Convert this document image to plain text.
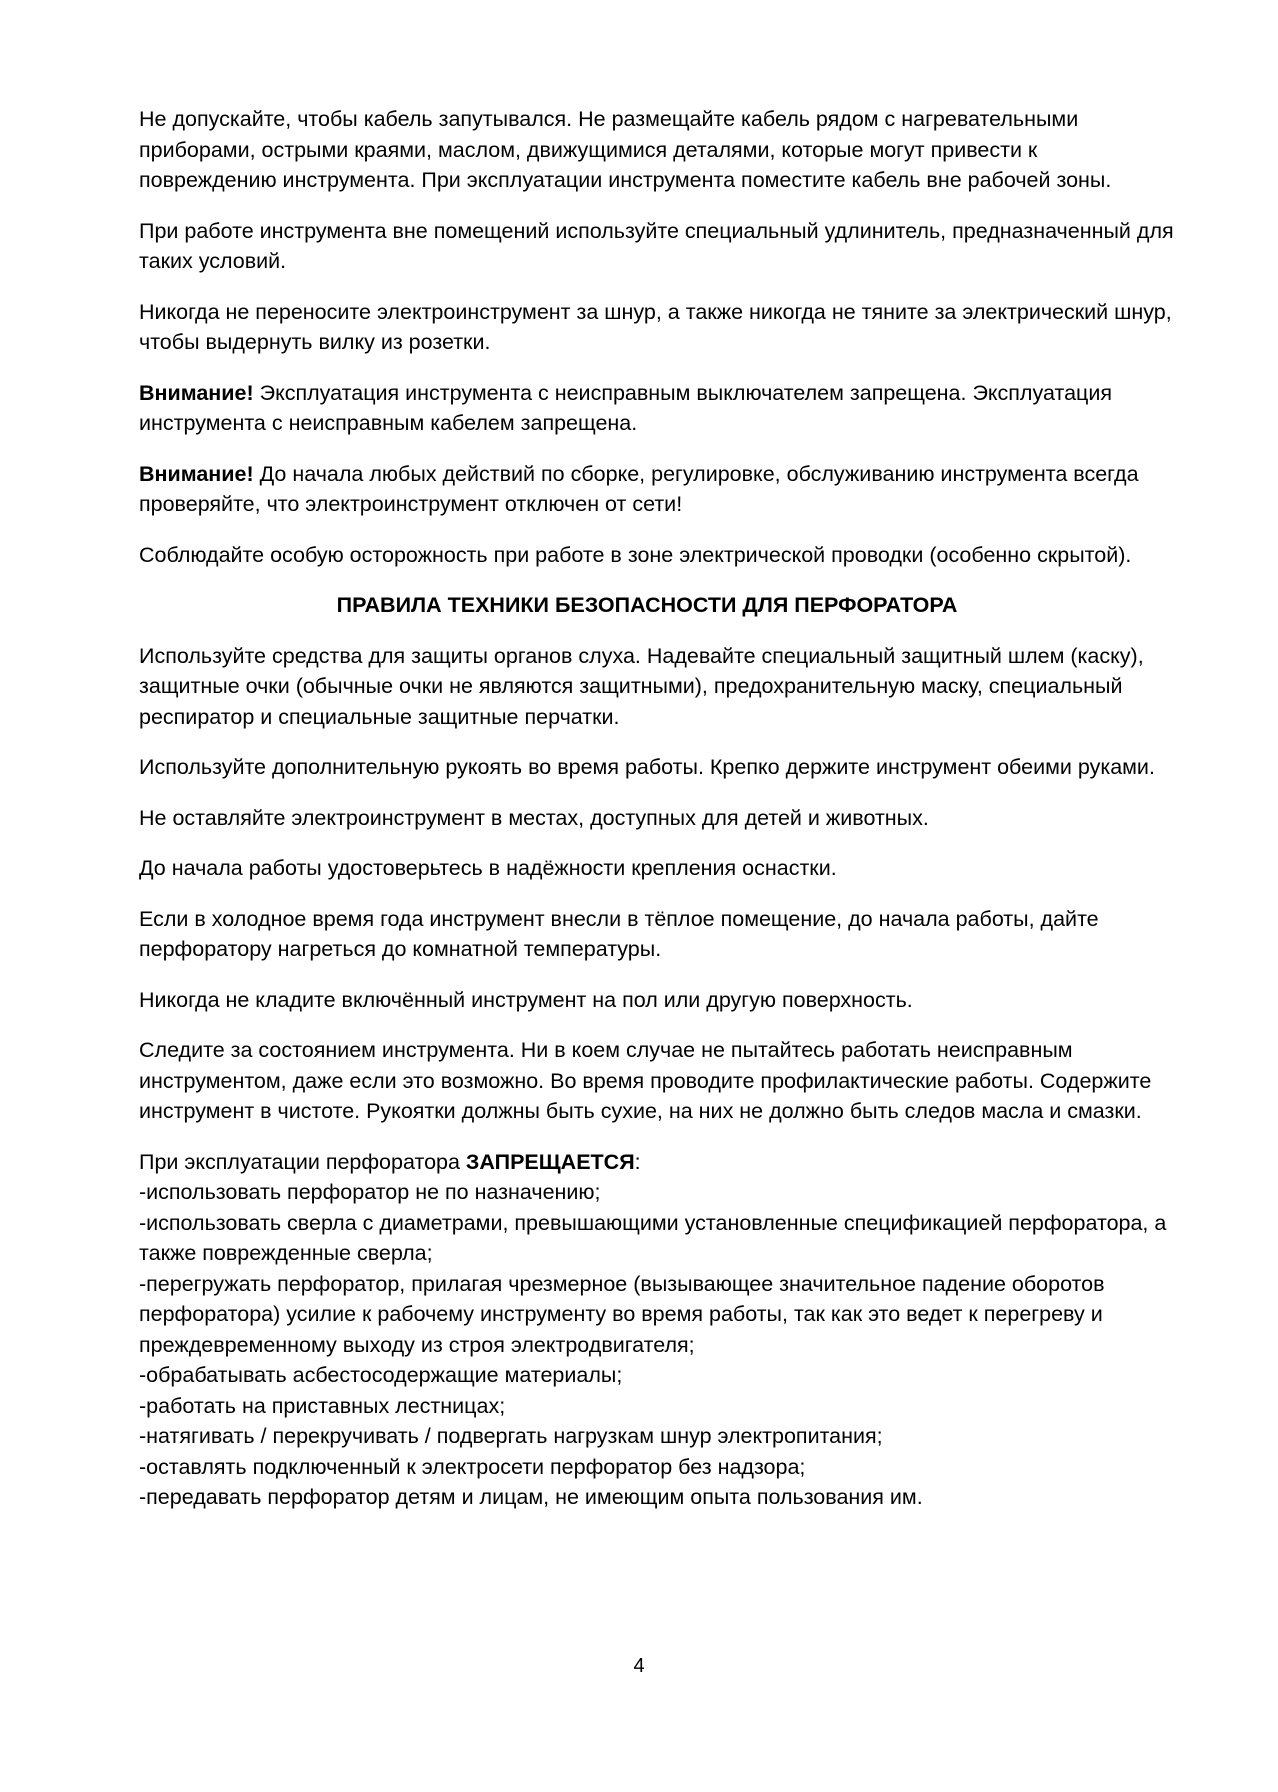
Не допускайте, чтобы кабель запутывался. Не размещайте кабель рядом с нагревательными приборами, острыми краями, маслом, движущимися деталями, которые могут привести к повреждению инструмента. При эксплуатации инструмента поместите кабель вне рабочей зоны.

При работе инструмента вне помещений используйте специальный удлинитель, предназначенный для таких условий.

Никогда не переносите электроинструмент за шнур, а также никогда не тяните за электрический шнур, чтобы выдернуть вилку из розетки.

Внимание! Эксплуатация инструмента с неисправным выключателем запрещена. Эксплуатация инструмента с неисправным кабелем запрещена.

Внимание! До начала любых действий по сборке, регулировке, обслуживанию инструмента всегда проверяйте, что электроинструмент отключен от сети!

Соблюдайте особую осторожность при работе в зоне электрической проводки (особенно скрытой).

ПРАВИЛА ТЕХНИКИ БЕЗОПАСНОСТИ ДЛЯ ПЕРФОРАТОРА

Используйте средства для защиты органов слуха. Надевайте специальный защитный шлем (каску), защитные очки (обычные очки не являются защитными), предохранительную маску, специальный респиратор и специальные защитные перчатки.

Используйте дополнительную рукоять во время работы. Крепко держите инструмент обеими руками.

Не оставляйте электроинструмент в местах, доступных для детей и животных.

До начала работы удостоверьтесь в надёжности крепления оснастки.

Если в холодное время года инструмент внесли в тёплое помещение, до начала работы, дайте перфоратору нагреться до комнатной температуры.

Никогда не кладите включённый инструмент на пол или другую поверхность.

Следите за состоянием инструмента. Ни в коем случае не пытайтесь работать неисправным инструментом, даже если это возможно. Во время проводите профилактические работы. Содержите инструмент в чистоте. Рукоятки должны быть сухие, на них не должно быть следов масла и смазки.

При эксплуатации перфоратора ЗАПРЕЩАЕТСЯ:
-использовать перфоратор не по назначению;
-использовать сверла с диаметрами, превышающими установленные спецификацией перфоратора, а также поврежденные сверла;
-перегружать перфоратор, прилагая чрезмерное (вызывающее значительное падение оборотов перфоратора) усилие к рабочему инструменту во время работы, так как это ведет к перегреву и преждевременному выходу из строя электродвигателя;
-обрабатывать асбестосодержащие материалы;
-работать на приставных лестницах;
-натягивать / перекручивать / подвергать нагрузкам шнур электропитания;
-оставлять подключенный к электросети перфоратор без надзора;
-передавать перфоратор детям и лицам, не имеющим опыта пользования им.
4
